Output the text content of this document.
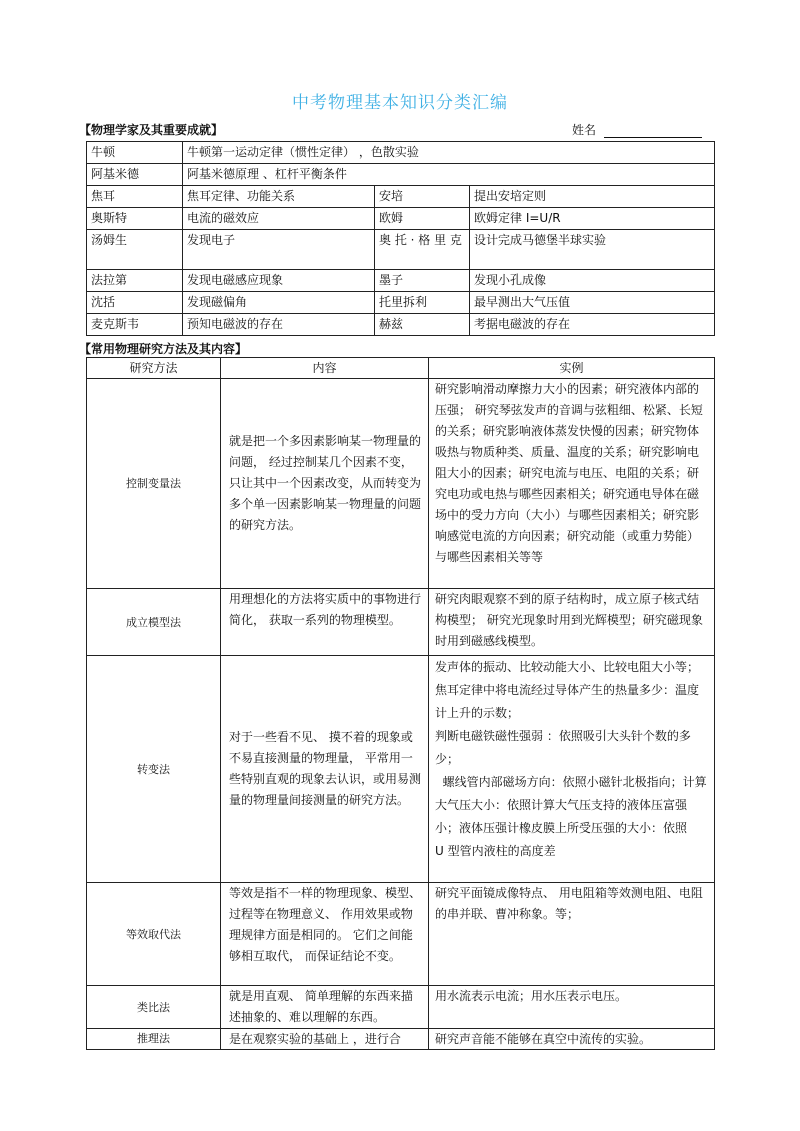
中考物理基本知识分类汇编
【物理学家及其重要成就】	姓名
牛顿	牛顿第一运动定律（惯性定律） ，色散实验		
阿基米德	阿基米德原理 、杠杆平衡条件		
焦耳	焦耳定律、功能关系	安培	提出安培定则
奥斯特	电流的磁效应	欧姆	欧姆定律 I=U/R
汤姆生	发现电子	奥 托 · 格 里 克	设计完成马德堡半球实验
法拉第	发现电磁感应现象	墨子	发现小孔成像
沈括	发现磁偏角	托里拆利	最早测出大气压值
麦克斯韦	预知电磁波的存在	赫兹	考据电磁波的存在
【常用物理研究方法及其内容】
研究方法	内容	实例
控制变量法	就是把一个多因素影响某一物理量的问题， 经过控制某几个因素不变，只让其中一个因素改变，从而转变为多个单一因素影响某一物理量的问题的研究方法。	研究影响滑动摩擦力大小的因素；研究液体内部的压强； 研究琴弦发声的音调与弦粗细、松紧、长短的关系；研究影响液体蒸发快慢的因素；研究物体吸热与物质种类、质量、温度的关系；研究影响电阻大小的因素；研究电流与电压、电阻的关系；研究电功或电热与哪些因素相关；研究通电导体在磁场中的受力方向（大小）与哪些因素相关；研究影响感觉电流的方向因素；研究动能（或重力势能）与哪些因素相关等等
成立模型法	用理想化的方法将实质中的事物进行简化， 获取一系列的物理模型。	研究肉眼观察不到的原子结构时，成立原子核式结构模型； 研究光现象时用到光辉模型；研究磁现象时用到磁感线模型。
转变法	对于一些看不见、 摸不着的现象或不易直接测量的物理量， 平常用一些特别直观的现象去认识，或用易测量的物理量间接测量的研究方法。	发声体的振动、比较动能大小、比较电阻大小等；
焦耳定律中将电流经过导体产生的热量多少：温度计上升的示数；
判断电磁铁磁性强弱 ：依照吸引大头针个数的多少；
螺线管内部磁场方向：依照小磁针北极指向；计算大气压大小：依照计算大气压支持的液体压富强小；液体压强计橡皮膜上所受压强的大小：依照    U 型管内液柱的高度差

等效取代法	等效是指不一样的物理现象、模型、过程等在物理意义、 作用效果或物理规律方面是相同的。 它们之间能够相互取代， 而保证结论不变。	研究平面镜成像特点、 用电阻箱等效测电阻、电阻的串并联、曹冲称象。等；
类比法	就是用直观、 简单理解的东西来描述抽象的、难以理解的东西。	用水流表示电流；用水压表示电压。
推理法	是在观察实验的基础上 ，进行合	研究声音能不能够在真空中流传的实验。
